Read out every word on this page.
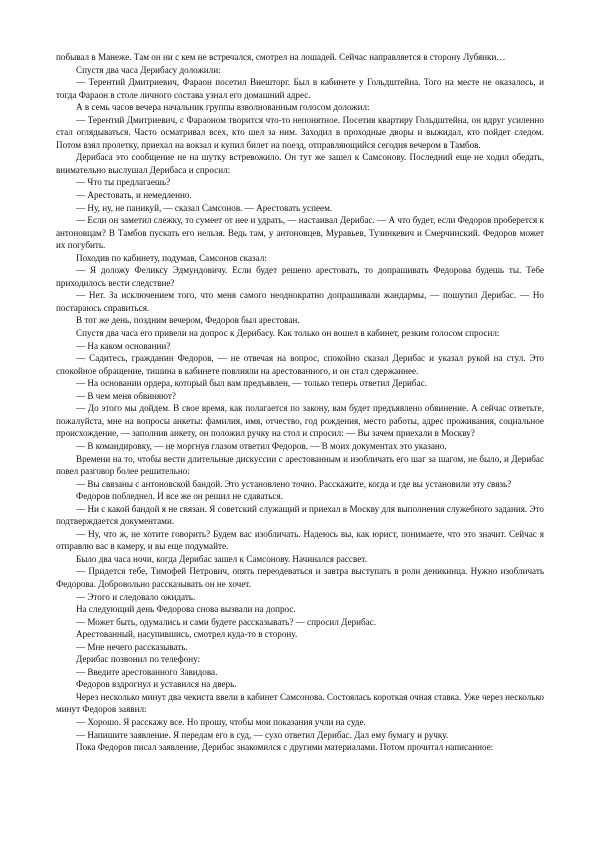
побывал в Манеже. Там он ни с кем не встречался, смотрел на лошадей. Сейчас направляется в сторону Лубянки…

Спустя два часа Дерибасу доложили:

— Терентий Дмитриевич, Фараон посетил Внешторг. Был в кабинете у Гольдштейна. Того на месте не оказалось, и тогда Фараон в столе личного состава узнал его домашний адрес.

А в семь часов вечера начальник группы взволнованным голосом доложил:

— Терентий Дмитриевич, с Фараоном творится что-то непонятное. Посетив квартиру Гольдштейна, он вдруг усиленно стал оглядываться. Часто осматривал всех, кто шел за ним. Заходил в проходные дворы и выжидал, кто пойдет следом. Потом взял пролетку, приехал на вокзал и купил билет на поезд, отправляющийся сегодня вечером в Тамбов.

Дерибаса это сообщение не на шутку встревожило. Он тут же зашел к Самсонову. Последний еще не ходил обедать, внимательно выслушал Дерибаса и спросил:

— Что ты предлагаешь?

— Арестовать, и немедленно.

— Ну, ну, не паникуй, — сказал Самсонов. — Арестовать успеем.

— Если он заметил слежку, то сумеет от нее и удрать, — настаивал Дерибас. — А что будет, если Федоров проберется к антоновцам? В Тамбов пускать его нельзя. Ведь там, у антоновцев, Муравьев, Тузинкевич и Смерчинский. Федоров может их погубить.

Походив по кабинету, подумав, Самсонов сказал:

— Я доложу Феликсу Эдмундовичу. Если будет решено арестовать, то допрашивать Федорова будешь ты. Тебе приходилось вести следствие?

— Нет. За исключением того, что меня самого неоднократно допрашивали жандармы, — пошутил Дерибас. — Но постараюсь справиться.

В тот же день, поздним вечером, Федоров был арестован.

Спустя два часа его привели на допрос к Дерибасу. Как только он вошел в кабинет, резким голосом спросил:

— На каком основании?

— Садитесь, гражданин Федоров, — не отвечая на вопрос, спокойно сказал Дерибас и указал рукой на стул. Это спокойное обращение, тишина в кабинете повлияли на арестованного, и он стал сдержаннее.

— На основании ордера, который был вам предъявлен, — только теперь ответил Дерибас.

— В чем меня обвиняют?

— До этого мы дойдем. В свое время, как полагается по закону, вам будет предъявлено обвинение. А сейчас ответьте, пожалуйста, мне на вопросы анкеты: фамилия, имя, отчество, год рождения, место работы, адрес проживания, социальное происхождение, — заполнив анкету, он положил ручку на стол и спросил: — Вы зачем приехали в Москву?

— В командировку, — не моргнув глазом ответил Федоров. — В моих документах это указано.

Времени на то, чтобы вести длительные дискуссии с арестованным и изобличать его шаг за шагом, не было, и Дерибас повел разговор более решительно:

— Вы связаны с антоновской бандой. Это установлено точно. Расскажите, когда и где вы установили эту связь?

Федоров побледнел. И все же он решил не сдаваться.

— Ни с какой бандой я не связан. Я советский служащий и приехал в Москву для выполнения служебного задания. Это подтверждается документами.

— Ну, что ж, не хотите говорить? Будем вас изобличать. Надеюсь вы, как юрист, понимаете, что это значит. Сейчас я отправлю вас в камеру, и вы еще подумайте.

Было два часа ночи, когда Дерибас зашел к Самсонову. Начинался рассвет.

— Придется тебе, Тимофей Петрович, опять переодеваться и завтра выступать в роли деникинца. Нужно изобличать Федорова. Добровольно рассказывать он не хочет.

— Этого и следовало ожидать.

На следующий день Федорова снова вызвали на допрос.

— Может быть, одумались и сами будете рассказывать? — спросил Дерибас.

Арестованный, насупившись, смотрел куда-то в сторону.

— Мне нечего рассказывать.

Дерибас позвонил по телефону:

— Введите арестованного Завидова.

Федоров вздрогнул и уставился на дверь.

Через несколько минут два чекиста ввели в кабинет Самсонова. Состоялась короткая очная ставка. Уже через несколько минут Федоров заявил:

— Хорошо. Я расскажу все. Но прошу, чтобы мои показания учли на суде.

— Напишите заявление. Я передам его в суд, — сухо ответил Дерибас. Дал ему бумагу и ручку.

Пока Федоров писал заявление, Дерибас знакомился с другими материалами. Потом прочитал написанное:
